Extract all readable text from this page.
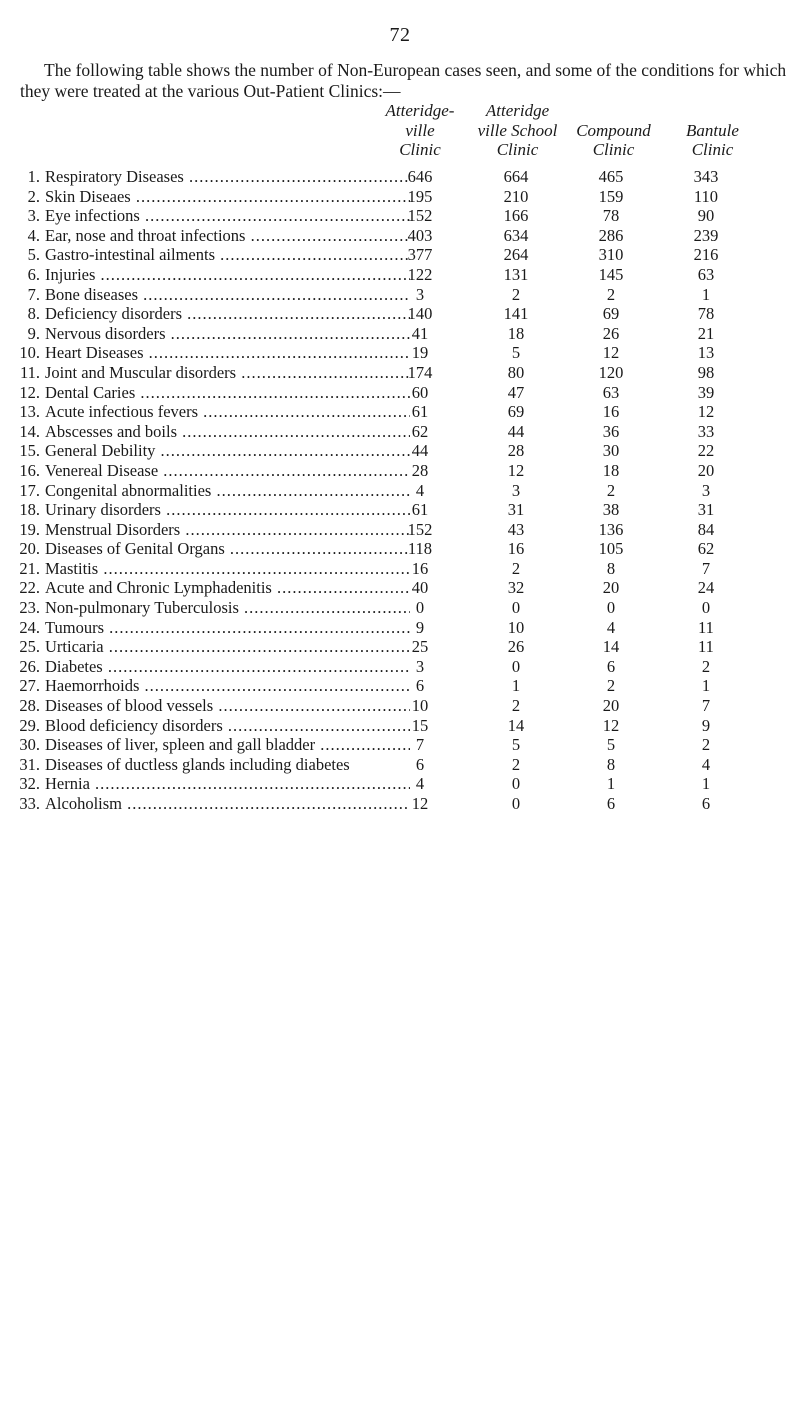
72

The following table shows the number of Non-European cases seen, and some of the conditions for which they were treated at the various Out-Patient Clinics:—

Atteridge-
ville
Clinic
Atteridge
ville School
Clinic

Compound
Clinic

Bantule
Clinic
1. Respiratory Diseases .....	646	664	465	343
2. Skin Diseaes .....	195	210	159	110
3. Eye infections .....	152	166	78	90
4. Ear, nose and throat infections .....	403	634	286	239
5. Gastro-intestinal ailments .....	377	264	310	216
6. Injuries .....	122	131	145	63
7. Bone diseases .....	3	2	2	1
8. Deficiency disorders .....	140	141	69	78
9. Nervous disorders .....	41	18	26	21
10. Heart Diseases .....	19	5	12	13
11. Joint and Muscular disorders .....	174	80	120	98
12. Dental Caries .....	60	47	63	39
13. Acute infectious fevers .....	61	69	16	12
14. Abscesses and boils .....	62	44	36	33
15. General Debility .....	44	28	30	22
16. Venereal Disease .....	28	12	18	20
17. Congenital abnormalities .....	4	3	2	3
18. Urinary disorders .....	61	31	38	31
19. Menstrual Disorders .....	152	43	136	84
20. Diseases of Genital Organs .....	118	16	105	62
21. Mastitis .....	16	2	8	7
22. Acute and Chronic Lymphadenitis .....	40	32	20	24
23. Non-pulmonary Tuberculosis .....	0	0	0	0
24. Tumours .....	9	10	4	11
25. Urticaria .....	25	26	14	11
26. Diabetes .....	3	0	6	2
27. Haemorrhoids .....	6	1	2	1
28. Diseases of blood vessels .....	10	2	20	7
29. Blood deficiency disorders .....	15	14	12	9
30. Diseases of liver, spleen and gall bladder .....	7	5	5	2
31. Diseases of ductless glands including diabetes	6	2	8	4
32. Hernia .....	4	0	1	1
33. Alcoholism .....	12	0	6	6
